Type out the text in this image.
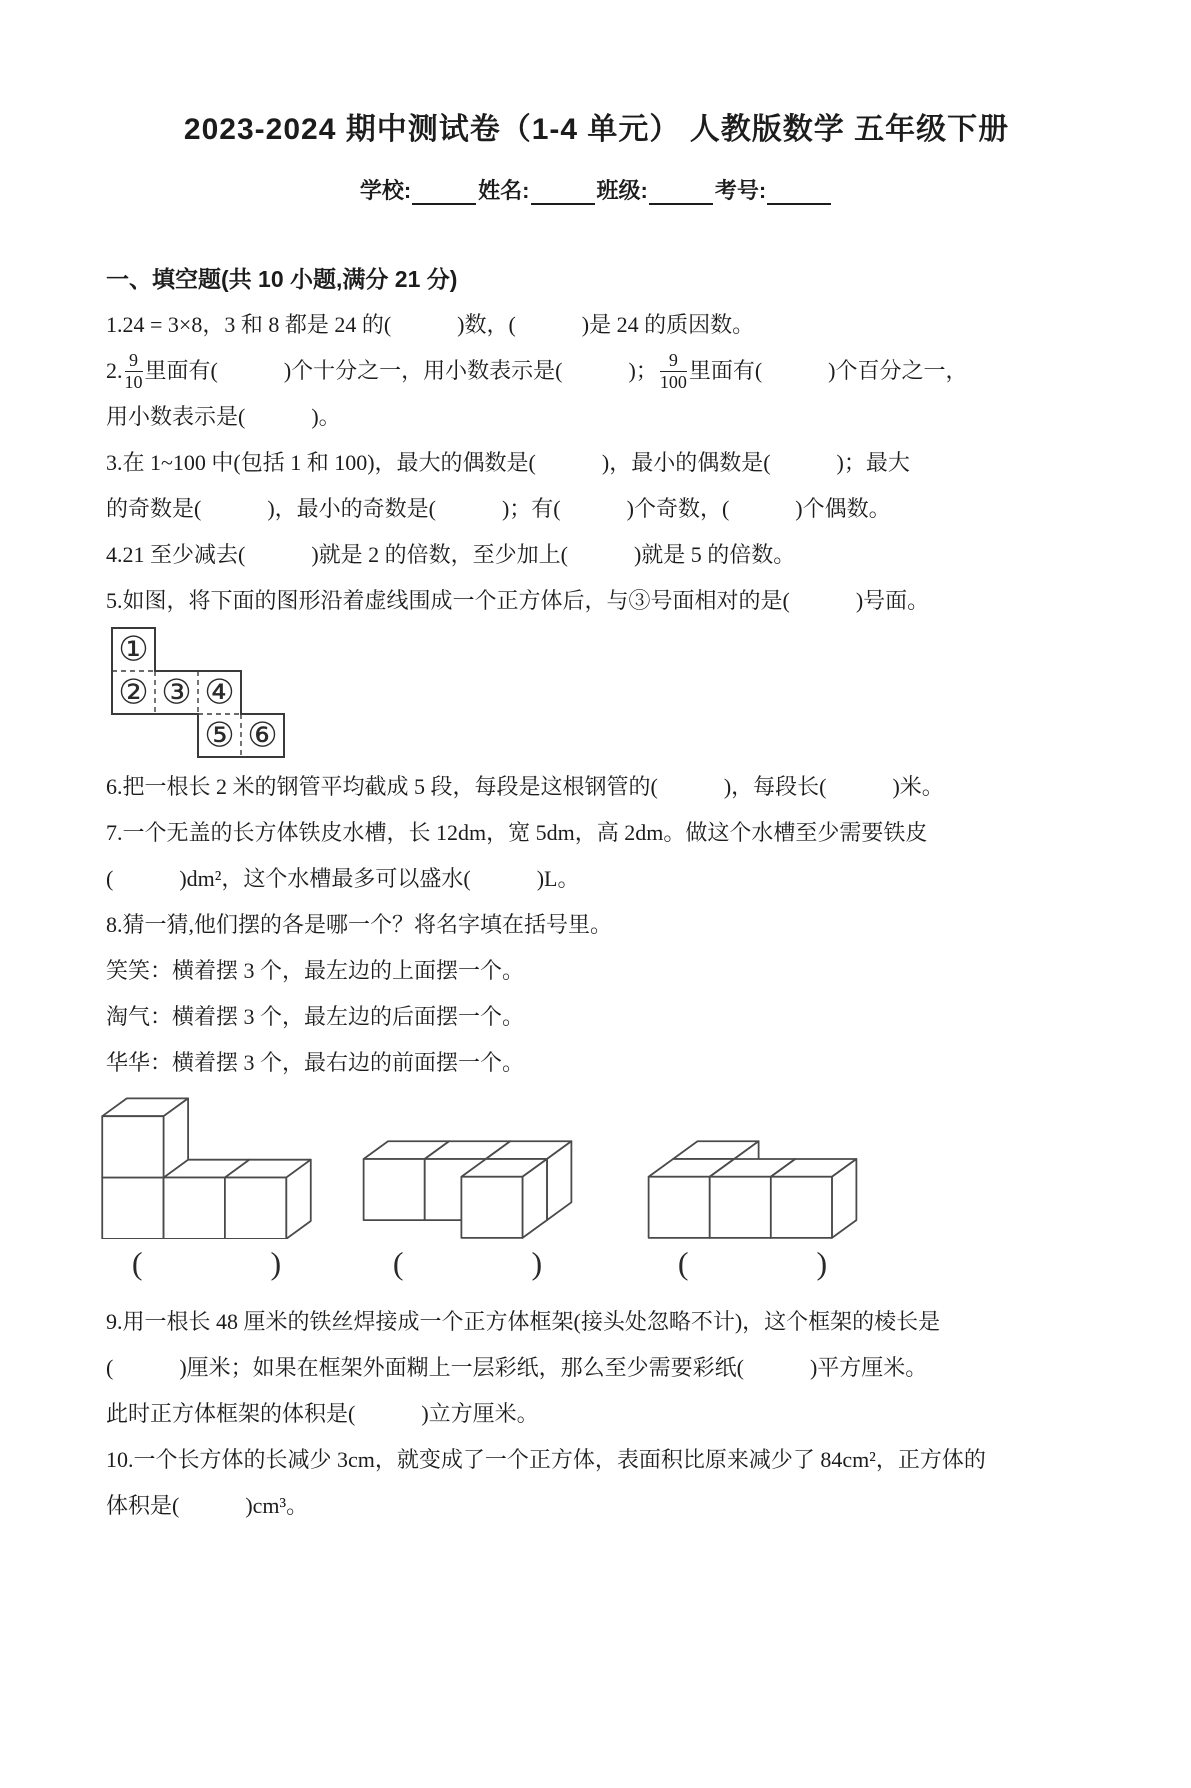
2023-2024 期中测试卷（1-4 单元） 人教版数学 五年级下册
学校:	姓名:	班级:	考号:
一、填空题(共 10 小题,满分 21 分)

1.24 = 3×8，3 和 8 都是 24 的(　　　)数，(　　　)是 24 的质因数。

2. $\frac{9}{10}$ 里面有(　　　)个十分之一，用小数表示是(　　　)； $\frac{9}{100}$ 里面有(　　　)个百分之一，

用小数表示是(　　　)。

3.在 1~100 中(包括 1 和 100)，最大的偶数是(　　　)，最小的偶数是(　　　)；最大

的奇数是(　　　)，最小的奇数是(　　　)；有(　　　)个奇数，(　　　)个偶数。

4.21 至少减去(　　　)就是 2 的倍数，至少加上(　　　)就是 5 的倍数。

5.如图，将下面的图形沿着虚线围成一个正方体后，与③号面相对的是(　　　)号面。

①
② ③ ④
⑤ ⑥

6.把一根长 2 米的钢管平均截成 5 段，每段是这根钢管的(　　　)，每段长(　　　)米。

7.一个无盖的长方体铁皮水槽，长 12dm，宽 5dm，高 2dm。做这个水槽至少需要铁皮

(　　　)dm²，这个水槽最多可以盛水(　　　)L。

8.猜一猜,他们摆的各是哪一个？将名字填在括号里。

笑笑：横着摆 3 个，最左边的上面摆一个。

淘气：横着摆 3 个，最左边的后面摆一个。

华华：横着摆 3 个，最右边的前面摆一个。

(　　　　)	(　　　　)	(　　　　)

9.用一根长 48 厘米的铁丝焊接成一个正方体框架(接头处忽略不计)，这个框架的棱长是

(　　　)厘米；如果在框架外面糊上一层彩纸，那么至少需要彩纸(　　　)平方厘米。

此时正方体框架的体积是(　　　)立方厘米。

10.一个长方体的长减少 3cm，就变成了一个正方体，表面积比原来减少了 84cm²，正方体的

体积是(　　　)cm³。
